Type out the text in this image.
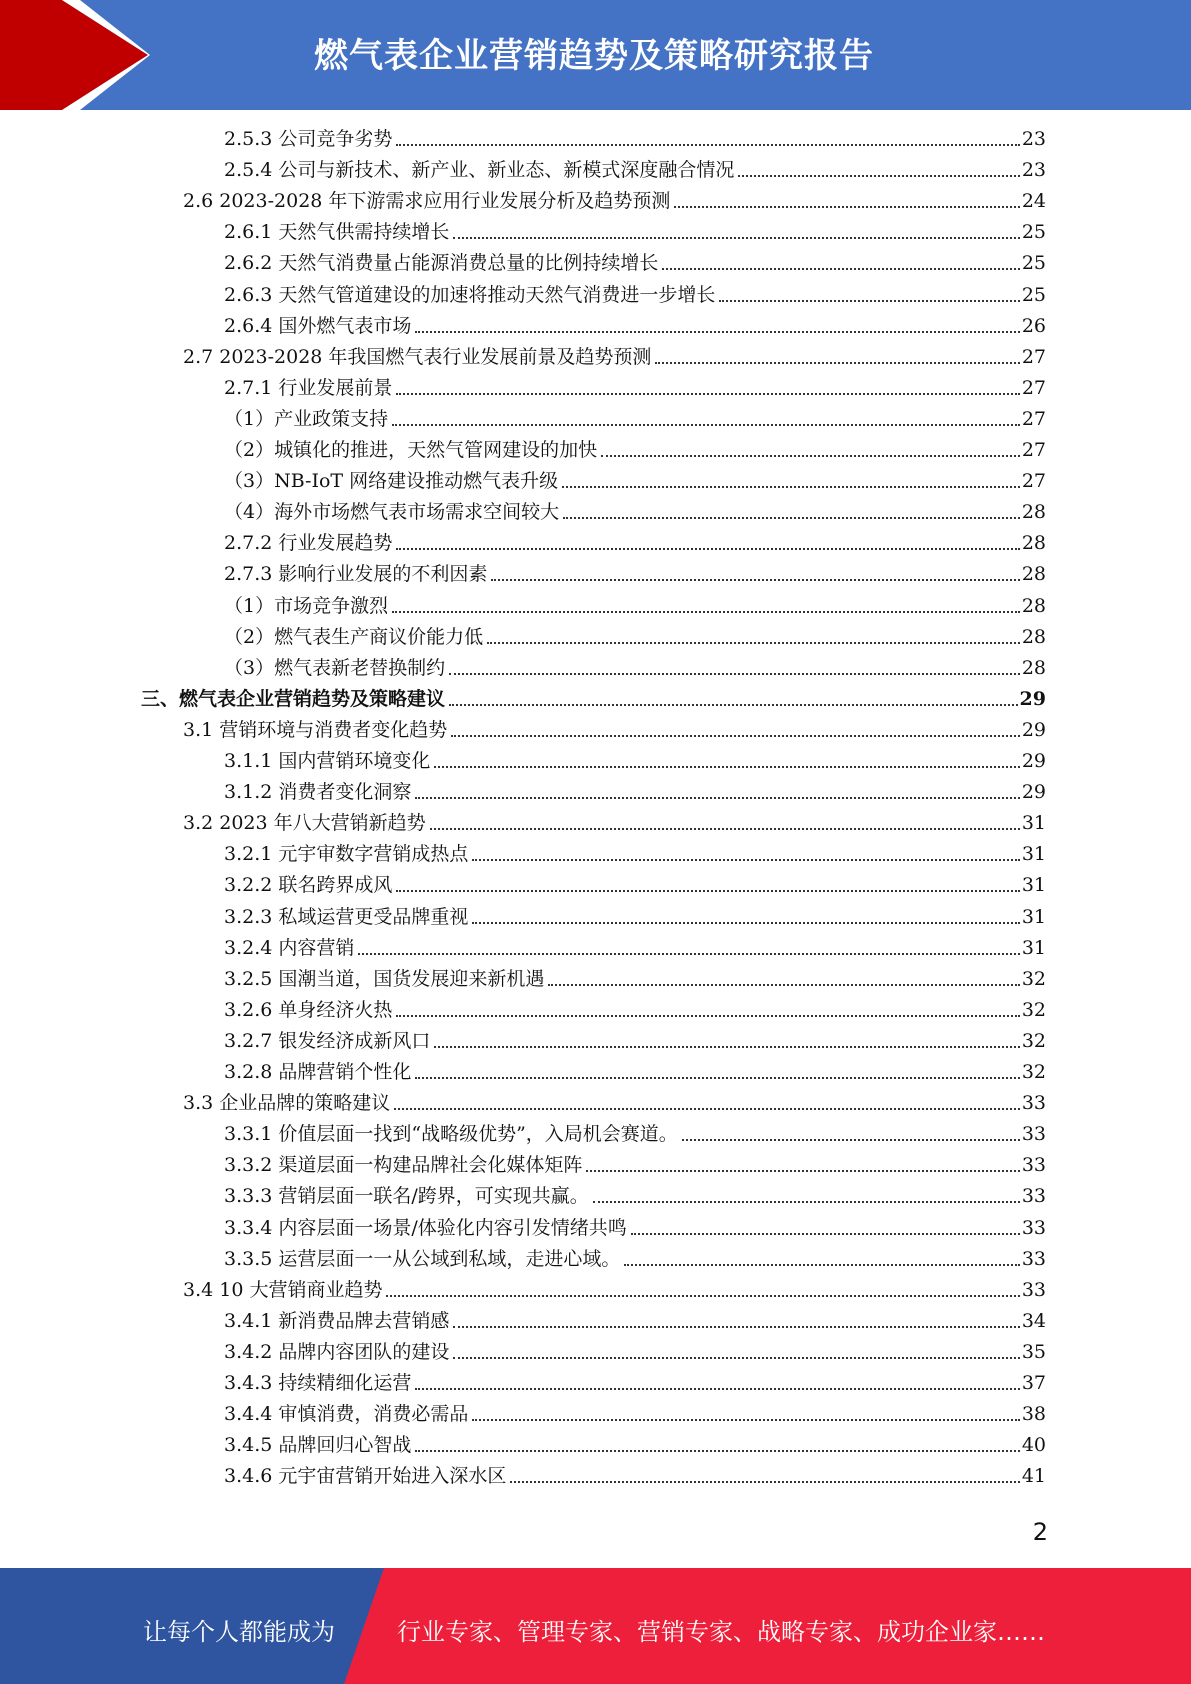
燃气表企业营销趋势及策略研究报告
2.5.3 公司竞争劣势	23
2.5.4 公司与新技术、新产业、新业态、新模式深度融合情况	23
2.6 2023-2028 年下游需求应用行业发展分析及趋势预测	24
2.6.1 天然气供需持续增长	25
2.6.2 天然气消费量占能源消费总量的比例持续增长	25
2.6.3 天然气管道建设的加速将推动天然气消费进一步增长	25
2.6.4 国外燃气表市场	26
2.7 2023-2028 年我国燃气表行业发展前景及趋势预测	27
2.7.1 行业发展前景	27
（1）产业政策支持	27
（2）城镇化的推进，天然气管网建设的加快	27
（3）NB-IoT 网络建设推动燃气表升级	27
（4）海外市场燃气表市场需求空间较大	28
2.7.2 行业发展趋势	28
2.7.3 影响行业发展的不利因素	28
（1）市场竞争激烈	28
（2）燃气表生产商议价能力低	28
（3）燃气表新老替换制约	28
三、燃气表企业营销趋势及策略建议	29
3.1 营销环境与消费者变化趋势	29
3.1.1 国内营销环境变化	29
3.1.2 消费者变化洞察	29
3.2 2023 年八大营销新趋势	31
3.2.1 元宇审数字营销成热点	31
3.2.2 联名跨界成风	31
3.2.3 私域运营更受品牌重视	31
3.2.4 内容营销	31
3.2.5 国潮当道，国货发展迎来新机遇	32
3.2.6 单身经济火热	32
3.2.7 银发经济成新风口	32
3.2.8 品牌营销个性化	32
3.3 企业品牌的策略建议	33
3.3.1 价值层面一找到“战略级优势”，入局机会赛道。	33
3.3.2 渠道层面一构建品牌社会化媒体矩阵	33
3.3.3 营销层面一联名/跨界，可实现共赢。	33
3.3.4 内容层面一场景/体验化内容引发情绪共鸣	33
3.3.5 运营层面一一从公域到私域，走进心域。	33
3.4 10 大营销商业趋势	33
3.4.1 新消费品牌去营销感	34
3.4.2 品牌内容团队的建设	35
3.4.3 持续精细化运营	37
3.4.4 审慎消费，消费必需品	38
3.4.5 品牌回归心智战	40
3.4.6 元宇宙营销开始进入深水区	41
2
让每个人都能成为	行业专家、管理专家、营销专家、战略专家、成功企业家……
